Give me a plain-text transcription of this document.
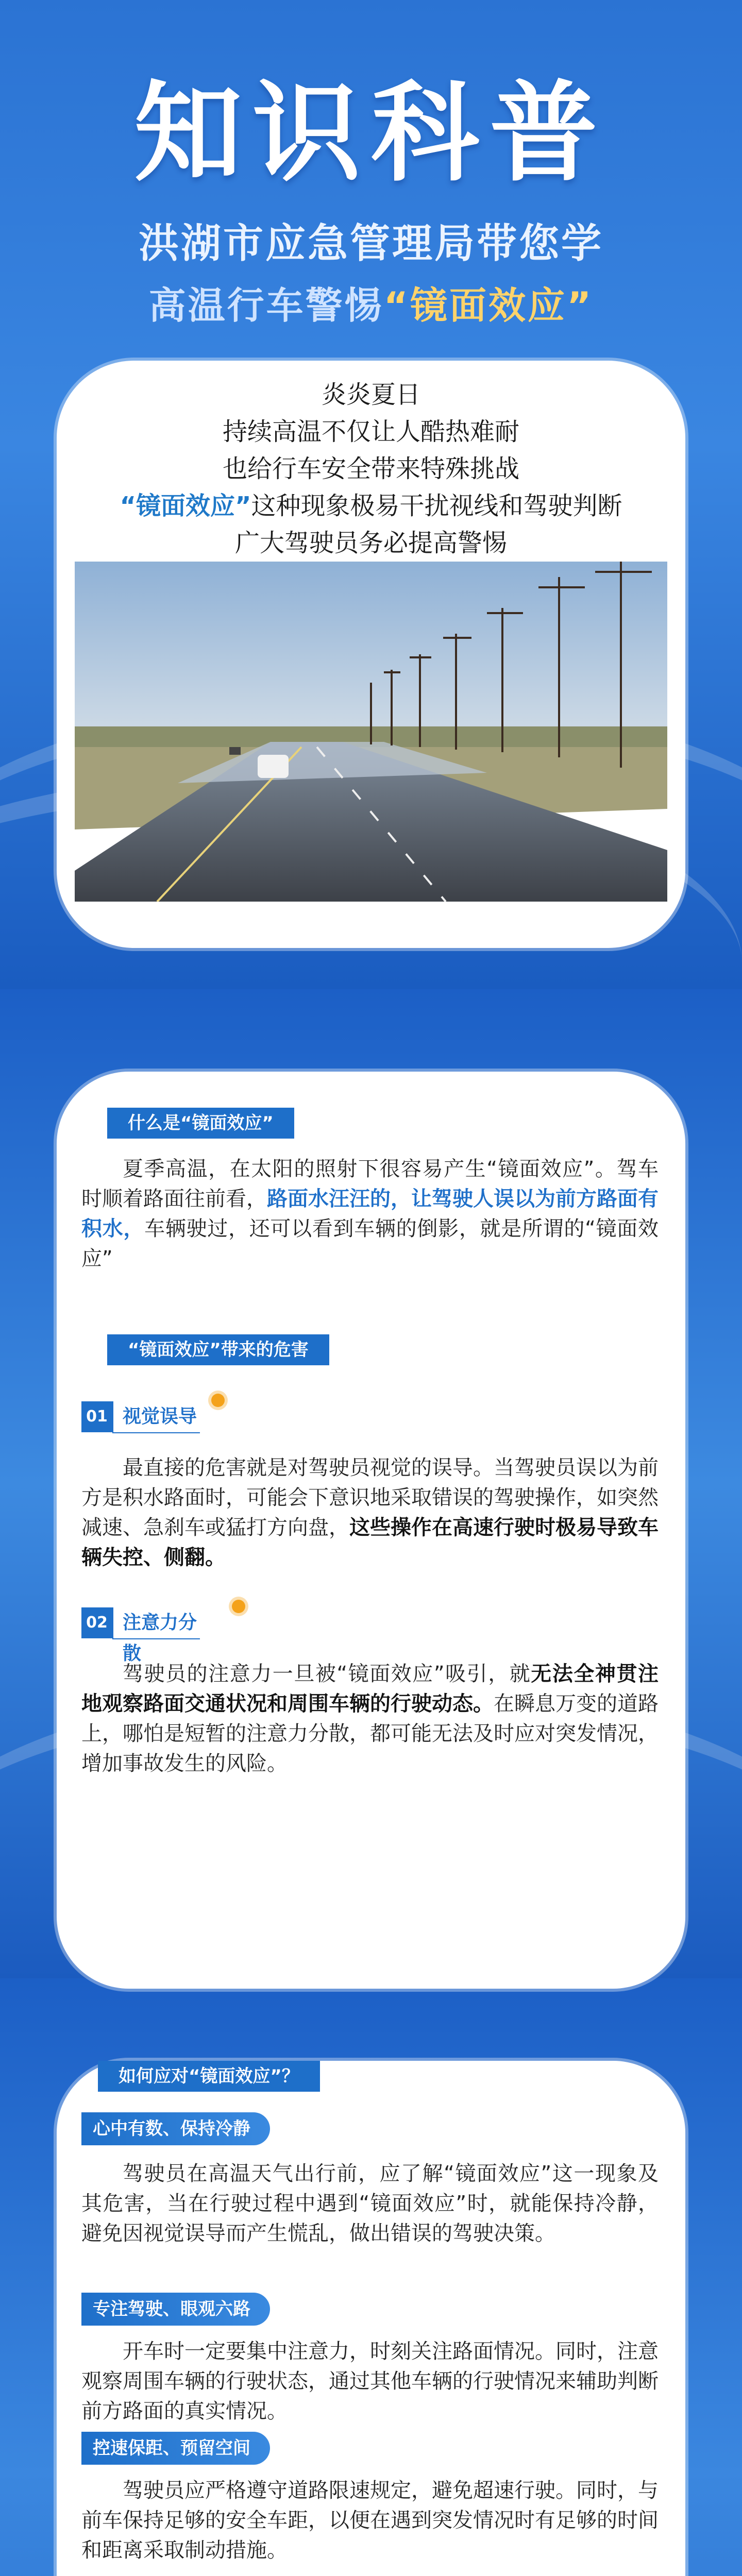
知识科普
洪湖市应急管理局带您学
高温行车警惕“镜面效应”
炎炎夏日
持续高温不仅让人酷热难耐
也给行车安全带来特殊挑战
“镜面效应”这种现象极易干扰视线和驾驶判断
广大驾驶员务必提高警惕
什么是“镜面效应”
夏季高温，在太阳的照射下很容易产生“镜面效应”。驾车时顺着路面往前看，路面水汪汪的，让驾驶人误以为前方路面有积水，车辆驶过，还可以看到车辆的倒影，就是所谓的“镜面效应”
“镜面效应”带来的危害
01 视觉误导
最直接的危害就是对驾驶员视觉的误导。当驾驶员误以为前方是积水路面时，可能会下意识地采取错误的驾驶操作，如突然减速、急刹车或猛打方向盘，这些操作在高速行驶时极易导致车辆失控、侧翻。
02 注意力分散
驾驶员的注意力一旦被“镜面效应”吸引，就无法全神贯注地观察路面交通状况和周围车辆的行驶动态。在瞬息万变的道路上，哪怕是短暂的注意力分散，都可能无法及时应对突发情况，增加事故发生的风险。
如何应对“镜面效应”？
心中有数、保持冷静
驾驶员在高温天气出行前，应了解“镜面效应”这一现象及其危害，当在行驶过程中遇到“镜面效应”时，就能保持冷静，避免因视觉误导而产生慌乱，做出错误的驾驶决策。
专注驾驶、眼观六路
开车时一定要集中注意力，时刻关注路面情况。同时，注意观察周围车辆的行驶状态，通过其他车辆的行驶情况来辅助判断前方路面的真实情况。
控速保距、预留空间
驾驶员应严格遵守道路限速规定，避免超速行驶。同时，与前车保持足够的安全车距，以便在遇到突发情况时有足够的时间和距离采取制动措施。
